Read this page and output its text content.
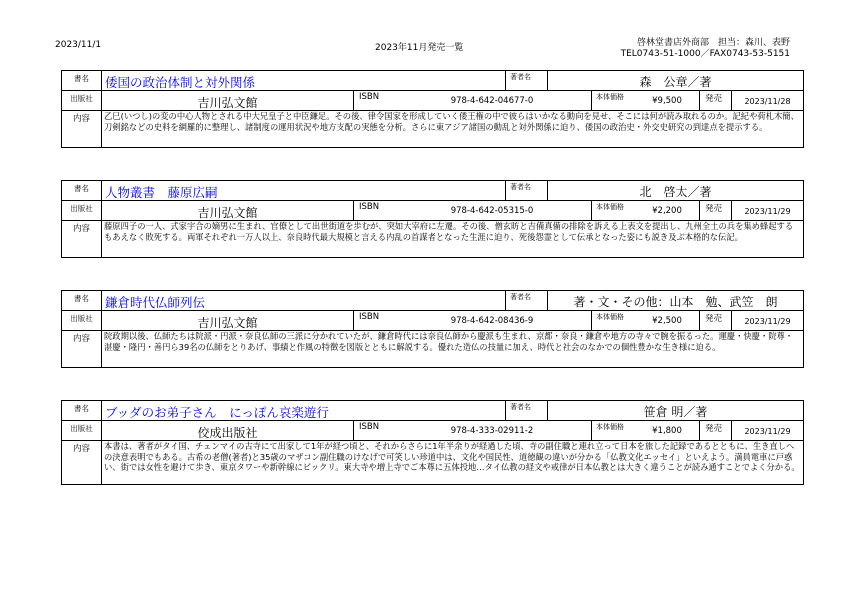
2023/11/1	2023年11月発売一覧	啓林堂書店外商部　担当：森川、表野
TEL0743-51-1000／FAX0743-53-5151
書名	倭国の政治体制と対外関係	著者名	森　公章／著
出版社	吉川弘文館	ISBN	978-4-642-04677-0	本体価格	¥9,500	発売	2023/11/28
内容	乙巳(いつし)の変の中心人物とされる中大兄皇子と中臣鎌足。その後、律令国家を形成していく倭王権の中で彼らはいかなる動向を見せ、そこには何が読み取れるのか。記紀や荷札木簡、刀剣銘などの史料を網羅的に整理し、諸制度の運用状況や地方支配の実態を分析。さらに東アジア諸国の動乱と対外関係に迫り、倭国の政治史・外交史研究の到達点を提示する。
書名	人物叢書　藤原広嗣	著者名	北　啓太／著
出版社	吉川弘文館	ISBN	978-4-642-05315-0	本体価格	¥2,200	発売	2023/11/29
内容	藤原四子の一人、式家宇合の嫡男に生まれ、官僚として出世街道を歩むが、突如大宰府に左遷。その後、僧玄昉と吉備真備の排除を訴える上表文を提出し、九州全土の兵を集め蜂起するもあえなく敗死する。両軍それぞれ一万人以上、奈良時代最大規模と言える内乱の首謀者となった生涯に迫り、死後怨霊として伝承となった姿にも説き及ぶ本格的な伝記。
書名	鎌倉時代仏師列伝	著者名	著・文・その他：山本　勉、武笠　朗
出版社	吉川弘文館	ISBN	978-4-642-08436-9	本体価格	¥2,500	発売	2023/11/29
内容	院政期以後、仏師たちは院派・円派・奈良仏師の三派に分かれていたが、鎌倉時代には奈良仏師から慶派も生まれ、京都・奈良・鎌倉や地方の寺々で腕を振るった。運慶・快慶・院尊・湛慶・隆円・善円ら39名の仏師をとりあげ、事績と作風の特徴を図版とともに解説する。優れた造仏の技量に加え、時代と社会のなかでの個性豊かな生き様に迫る。
書名	ブッダのお弟子さん　にっぽん哀楽遊行	著者名	笹倉 明／著
出版社	佼成出版社	ISBN	978-4-333-02911-2	本体価格	¥1,800	発売	2023/11/29
内容	本書は、著者がタイ国、チェンマイの古寺にて出家して1年が経つ頃と、それからさらに1年半余りが経過した頃、寺の副住職と連れ立って日本を旅した記録であるとともに、生き直しへの決意表明でもある。古希の老僧(著者)と35歳のマザコン副住職のけなげで可笑しい珍道中は、文化や国民性、道徳観の違いが分かる「仏教文化エッセイ」といえよう。満員電車に戸惑い、街では女性を避けて歩き、東京タワーや新幹線にビックリ。東大寺や増上寺でご本尊に五体投地…タイ仏教の経文や戒律が日本仏教とは大きく違うことが読み通すことでよく分かる。
